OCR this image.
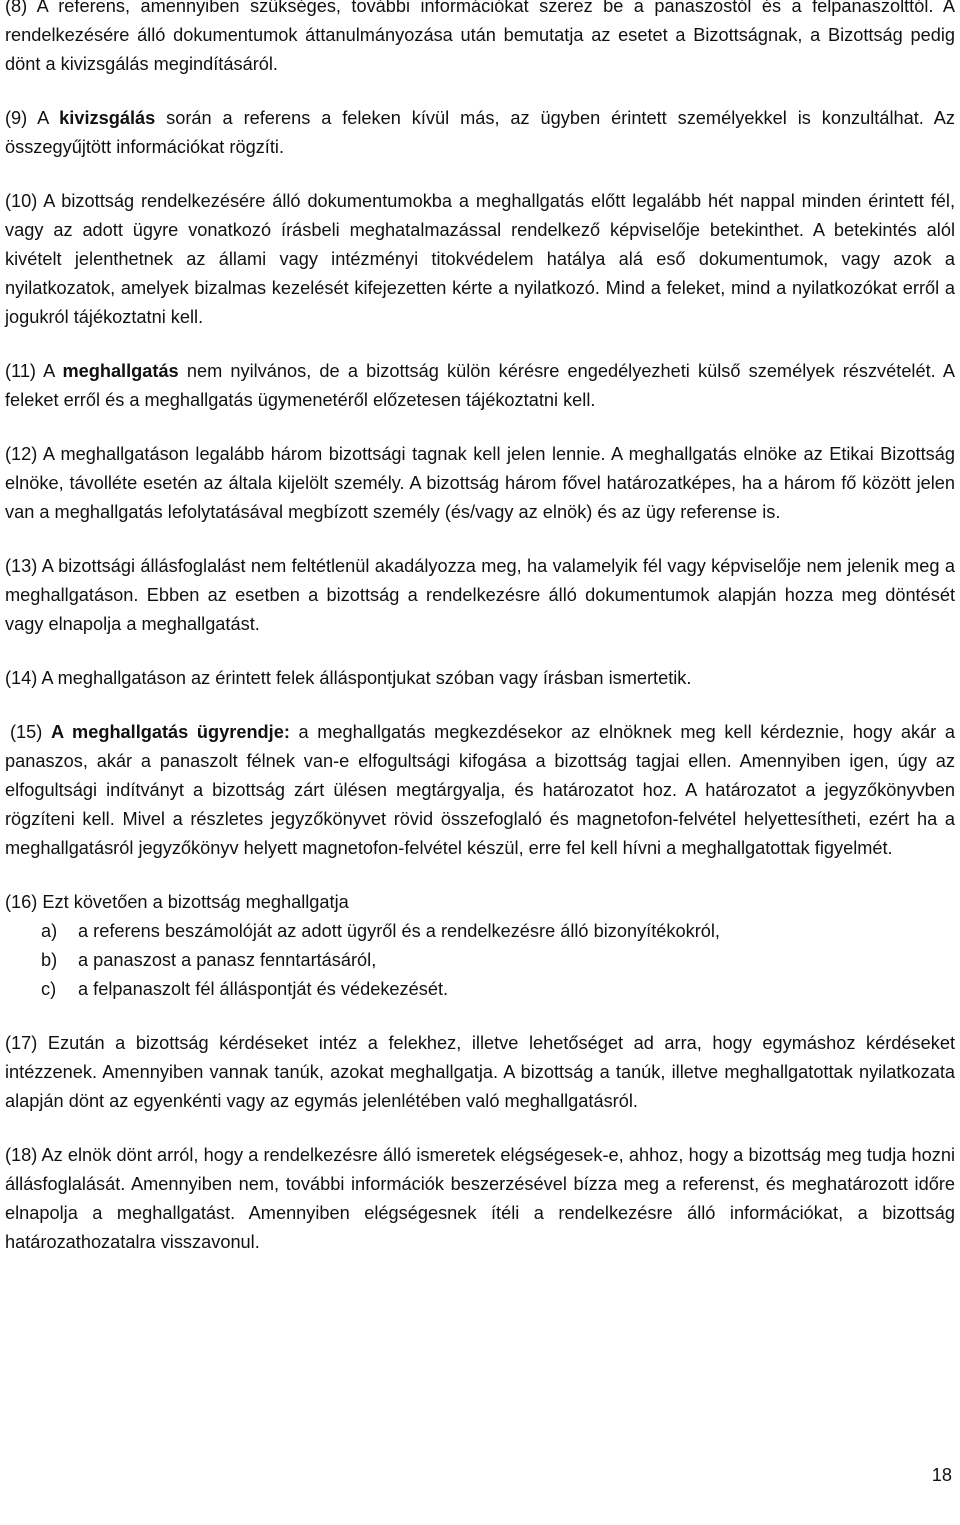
(8) A referens, amennyiben szükséges, további információkat szerez be a panaszostól és a felpanaszolttól. A rendelkezésére álló dokumentumok áttanulmányozása után bemutatja az esetet a Bizottságnak, a Bizottság pedig dönt a kivizsgálás megindításáról.

(9) A kivizsgálás során a referens a feleken kívül más, az ügyben érintett személyekkel is konzultálhat. Az összegyűjtött információkat rögzíti.

(10) A bizottság rendelkezésére álló dokumentumokba a meghallgatás előtt legalább hét nappal minden érintett fél, vagy az adott ügyre vonatkozó írásbeli meghatalmazással rendelkező képviselője betekinthet. A betekintés alól kivételt jelenthetnek az állami vagy intézményi titokvédelem hatálya alá eső dokumentumok, vagy azok a nyilatkozatok, amelyek bizalmas kezelését kifejezetten kérte a nyilatkozó. Mind a feleket, mind a nyilatkozókat erről a jogukról tájékoztatni kell.

(11) A meghallgatás nem nyilvános, de a bizottság külön kérésre engedélyezheti külső személyek részvételét. A feleket erről és a meghallgatás ügymenetéről előzetesen tájékoztatni kell.

(12) A meghallgatáson legalább három bizottsági tagnak kell jelen lennie. A meghallgatás elnöke az Etikai Bizottság elnöke, távolléte esetén az általa kijelölt személy. A bizottság három fővel határozatképes, ha a három fő között jelen van a meghallgatás lefolytatásával megbízott személy (és/vagy az elnök) és az ügy referense is.

(13) A bizottsági állásfoglalást nem feltétlenül akadályozza meg, ha valamelyik fél vagy képviselője nem jelenik meg a meghallgatáson. Ebben az esetben a bizottság a rendelkezésre álló dokumentumok alapján hozza meg döntését vagy elnapolja a meghallgatást.

(14) A meghallgatáson az érintett felek álláspontjukat szóban vagy írásban ismertetik.

(15) A meghallgatás ügyrendje: a meghallgatás megkezdésekor az elnöknek meg kell kérdeznie, hogy akár a panaszos, akár a panaszolt félnek van-e elfogultsági kifogása a bizottság tagjai ellen. Amennyiben igen, úgy az elfogultsági indítványt a bizottság zárt ülésen megtárgyalja, és határozatot hoz. A határozatot a jegyzőkönyvben rögzíteni kell. Mivel a részletes jegyzőkönyvet rövid összefoglaló és magnetofon-felvétel helyettesítheti, ezért ha a meghallgatásról jegyzőkönyv helyett magnetofon-felvétel készül, erre fel kell hívni a meghallgatottak figyelmét.

(16) Ezt követően a bizottság meghallgatja

a)	a referens beszámolóját az adott ügyről és a rendelkezésre álló bizonyítékokról,
b)	a panaszost a panasz fenntartásáról,
c)	a felpanaszolt fél álláspontját és védekezését.

(17) Ezután a bizottság kérdéseket intéz a felekhez, illetve lehetőséget ad arra, hogy egymáshoz kérdéseket intézzenek. Amennyiben vannak tanúk, azokat meghallgatja. A bizottság a tanúk, illetve meghallgatottak nyilatkozata alapján dönt az egyenkénti vagy az egymás jelenlétében való meghallgatásról.

(18) Az elnök dönt arról, hogy a rendelkezésre álló ismeretek elégségesek-e, ahhoz, hogy a bizottság meg tudja hozni állásfoglalását. Amennyiben nem, további információk beszerzésével bízza meg a referenst, és meghatározott időre elnapolja a meghallgatást. Amennyiben elégségesnek ítéli a rendelkezésre álló információkat, a bizottság határozathozatalra visszavonul.

18
